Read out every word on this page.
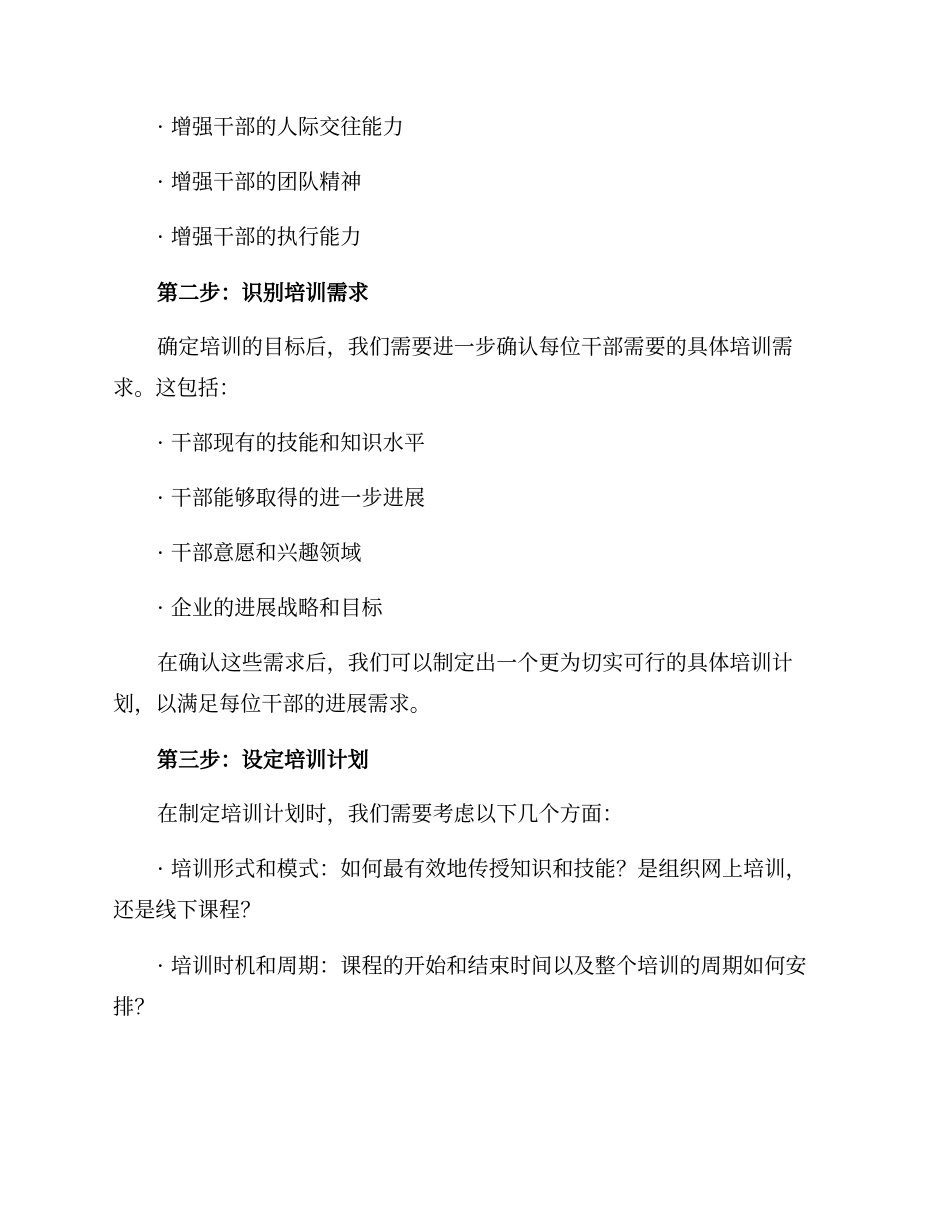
· 增强干部的人际交往能力
· 增强干部的团队精神
· 增强干部的执行能力
第二步：识别培训需求
确定培训的目标后，我们需要进一步确认每位干部需要的具体培训需
求。这包括：
· 干部现有的技能和知识水平
· 干部能够取得的进一步进展
· 干部意愿和兴趣领域
· 企业的进展战略和目标
在确认这些需求后，我们可以制定出一个更为切实可行的具体培训计
划，以满足每位干部的进展需求。
第三步：设定培训计划
在制定培训计划时，我们需要考虑以下几个方面：
· 培训形式和模式：如何最有效地传授知识和技能？是组织网上培训，
还是线下课程？
· 培训时机和周期：课程的开始和结束时间以及整个培训的周期如何安
排？
